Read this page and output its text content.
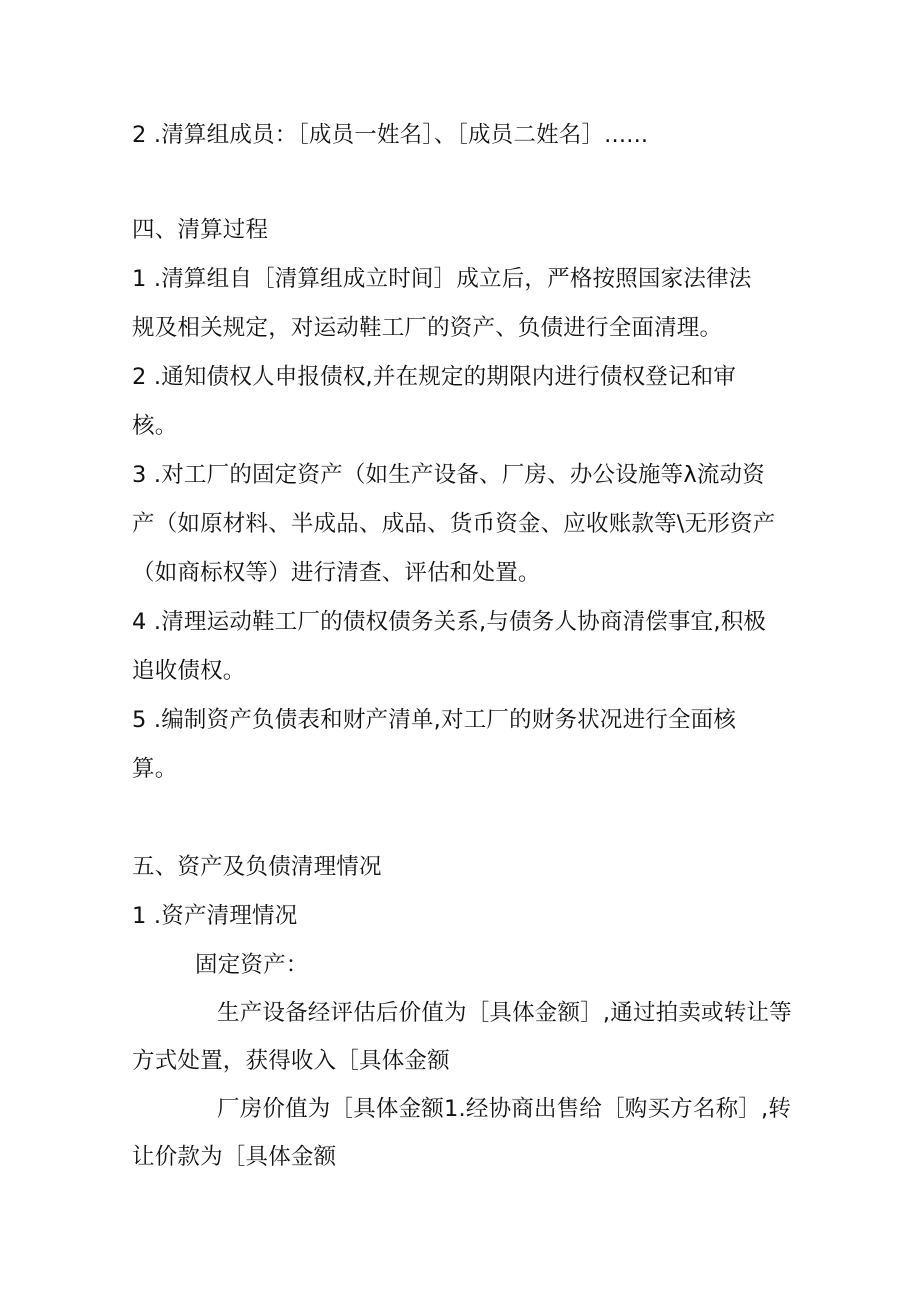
2 .清算组成员：［成员一姓名］、［成员二姓名］......
四、清算过程
1 .清算组自［清算组成立时间］成立后，严格按照国家法律法
规及相关规定，对运动鞋工厂的资产、负债进行全面清理。
2 .通知债权人申报债权,并在规定的期限内进行债权登记和审
核。
3 .对工厂的固定资产（如生产设备、厂房、办公设施等λ流动资
产（如原材料、半成品、成品、货币资金、应收账款等\无形资产
（如商标权等）进行清查、评估和处置。
4 .清理运动鞋工厂的债权债务关系,与债务人协商清偿事宜,积极
追收债权。
5 .编制资产负债表和财产清单,对工厂的财务状况进行全面核
算。
五、资产及负债清理情况
1 .资产清理情况
固定资产：
生产设备经评估后价值为［具体金额］,通过拍卖或转让等
方式处置，获得收入［具体金额
厂房价值为［具体金额1.经协商出售给［购买方名称］,转
让价款为［具体金额
